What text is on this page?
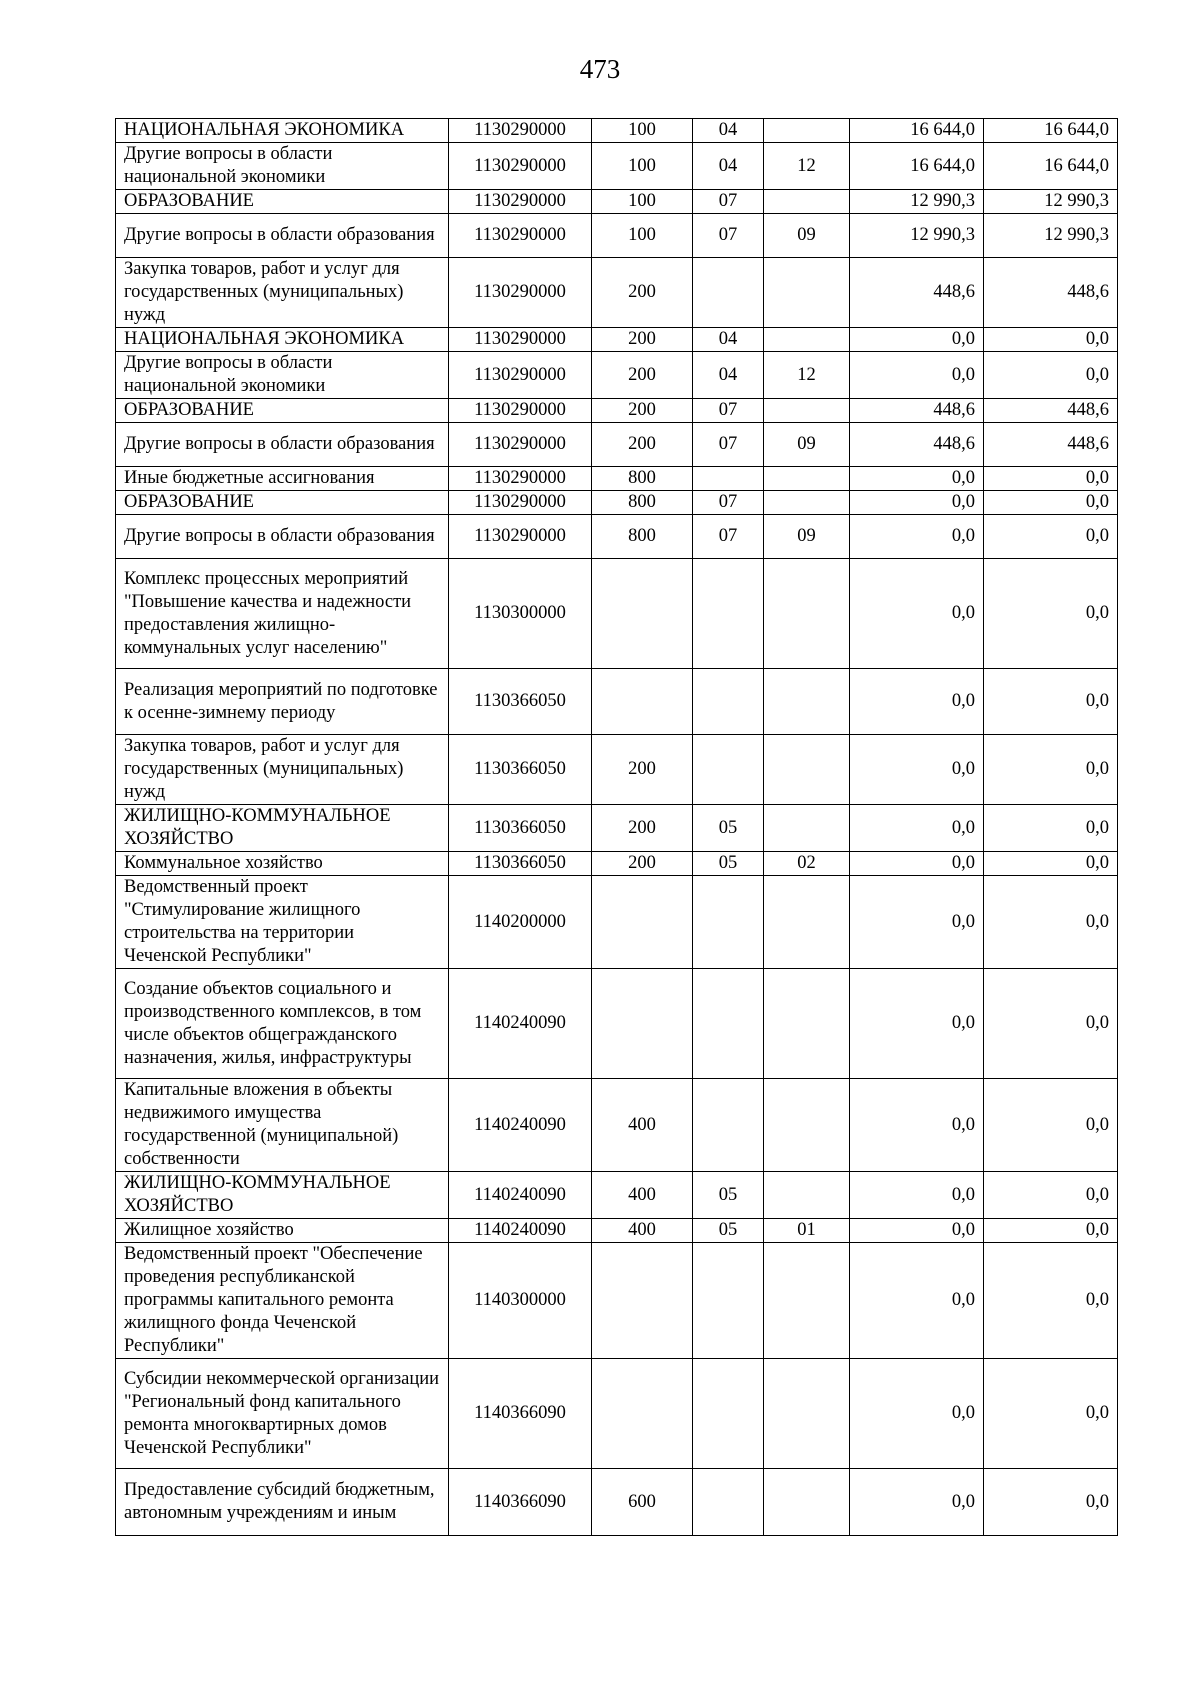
473
НАЦИОНАЛЬНАЯ ЭКОНОМИКА	1130290000	100	04		16 644,0	16 644,0
Другие вопросы в области национальной экономики	1130290000	100	04	12	16 644,0	16 644,0
ОБРАЗОВАНИЕ	1130290000	100	07		12 990,3	12 990,3
Другие вопросы в области образования	1130290000	100	07	09	12 990,3	12 990,3
Закупка товаров, работ и услуг для государственных (муниципальных) нужд	1130290000	200			448,6	448,6
НАЦИОНАЛЬНАЯ ЭКОНОМИКА	1130290000	200	04		0,0	0,0
Другие вопросы в области национальной экономики	1130290000	200	04	12	0,0	0,0
ОБРАЗОВАНИЕ	1130290000	200	07		448,6	448,6
Другие вопросы в области образования	1130290000	200	07	09	448,6	448,6
Иные бюджетные ассигнования	1130290000	800			0,0	0,0
ОБРАЗОВАНИЕ	1130290000	800	07		0,0	0,0
Другие вопросы в области образования	1130290000	800	07	09	0,0	0,0
Комплекс процессных мероприятий "Повышение качества и надежности предоставления жилищно-коммунальных услуг населению"	1130300000				0,0	0,0
Реализация мероприятий по подготовке к осенне-зимнему периоду	1130366050				0,0	0,0
Закупка товаров, работ и услуг для государственных (муниципальных) нужд	1130366050	200			0,0	0,0
ЖИЛИЩНО-КОММУНАЛЬНОЕ ХОЗЯЙСТВО	1130366050	200	05		0,0	0,0
Коммунальное хозяйство	1130366050	200	05	02	0,0	0,0
Ведомственный проект "Стимулирование жилищного строительства на территории Чеченской Республики"	1140200000				0,0	0,0
Создание объектов социального и производственного комплексов, в том числе объектов общегражданского назначения, жилья, инфраструктуры	1140240090				0,0	0,0
Капитальные вложения в объекты недвижимого имущества государственной (муниципальной) собственности	1140240090	400			0,0	0,0
ЖИЛИЩНО-КОММУНАЛЬНОЕ ХОЗЯЙСТВО	1140240090	400	05		0,0	0,0
Жилищное хозяйство	1140240090	400	05	01	0,0	0,0
Ведомственный проект "Обеспечение проведения республиканской программы капитального ремонта жилищного фонда Чеченской Республики"	1140300000				0,0	0,0
Субсидии некоммерческой организации "Региональный фонд капитального ремонта многоквартирных домов Чеченской Республики"	1140366090				0,0	0,0
Предоставление субсидий бюджетным, автономным учреждениям и иным	1140366090	600			0,0	0,0
